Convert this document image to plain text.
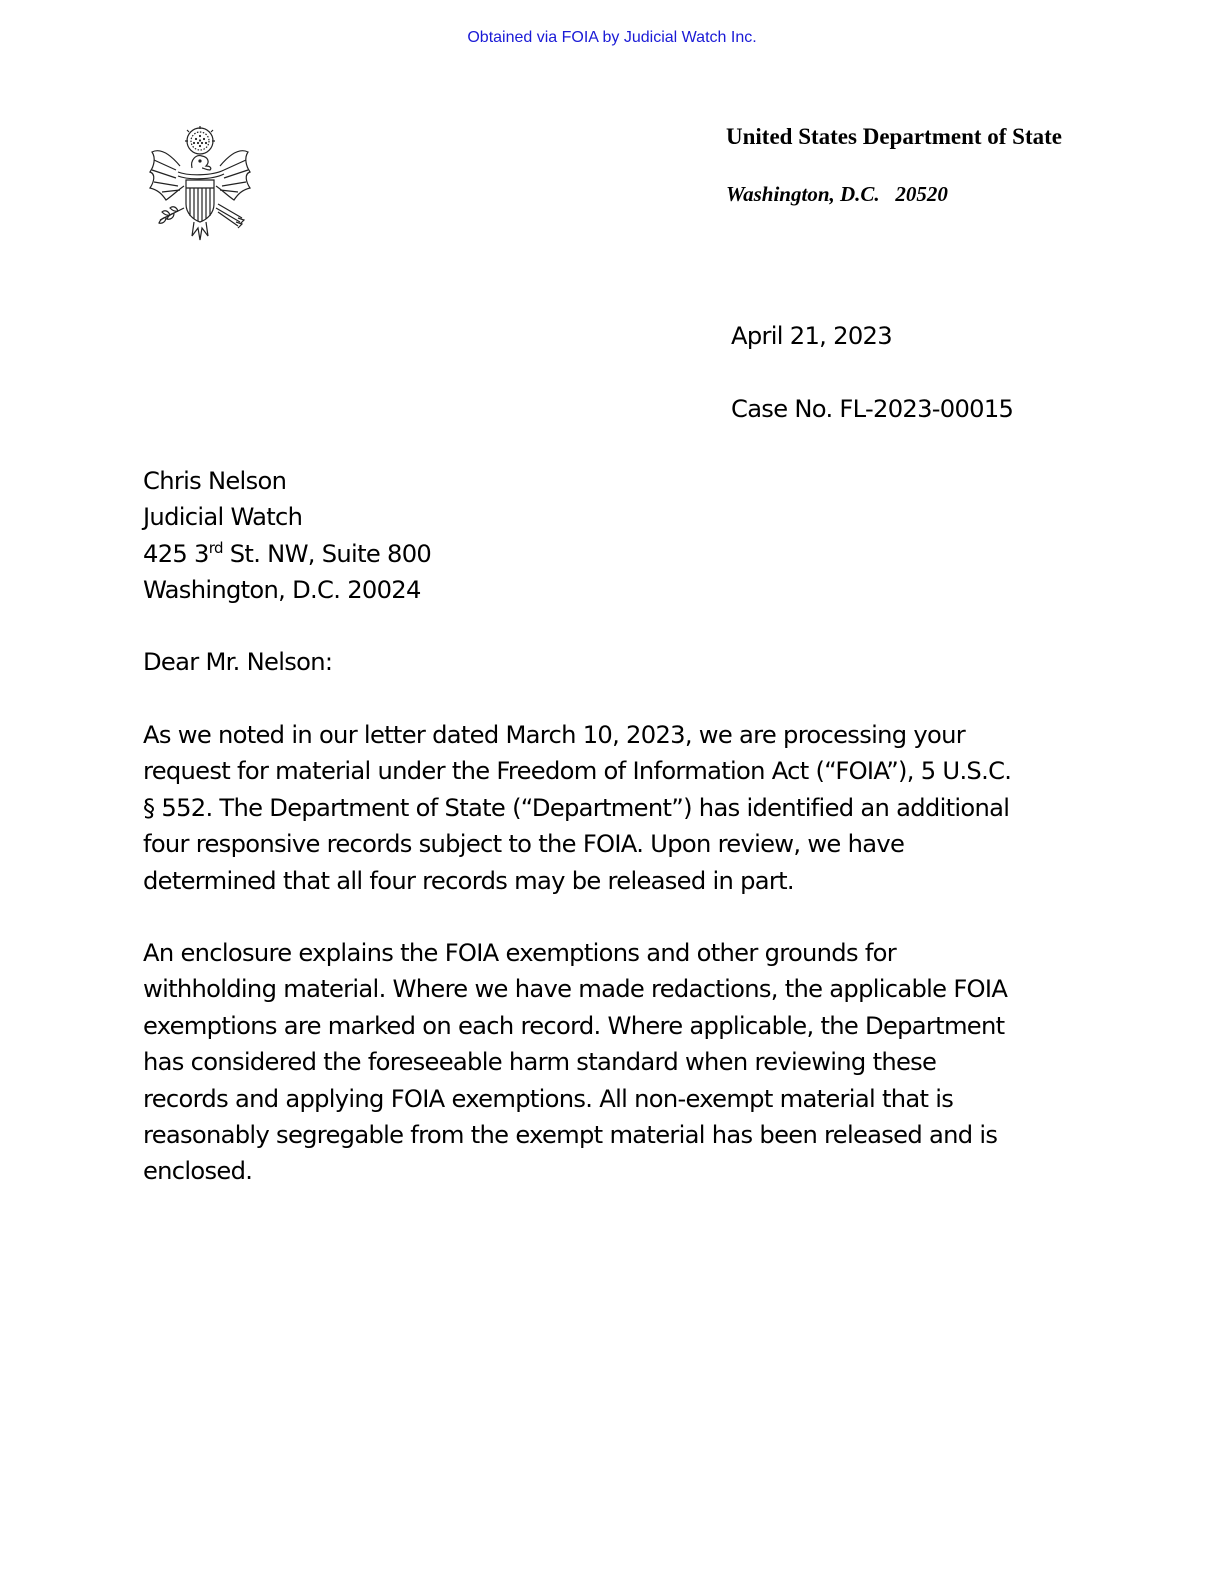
Obtained via FOIA by Judicial Watch Inc.
United States Department of State
Washington, D.C. 20520
April 21, 2023
Case No. FL-2023-00015
Chris Nelson
Judicial Watch
425 3rd St. NW, Suite 800
Washington, D.C. 20024
Dear Mr. Nelson:
As we noted in our letter dated March 10, 2023, we are processing your
request for material under the Freedom of Information Act (“FOIA”), 5 U.S.C.
§ 552. The Department of State (“Department”) has identified an additional
four responsive records subject to the FOIA. Upon review, we have
determined that all four records may be released in part.
An enclosure explains the FOIA exemptions and other grounds for
withholding material. Where we have made redactions, the applicable FOIA
exemptions are marked on each record. Where applicable, the Department
has considered the foreseeable harm standard when reviewing these
records and applying FOIA exemptions. All non-exempt material that is
reasonably segregable from the exempt material has been released and is
enclosed.
